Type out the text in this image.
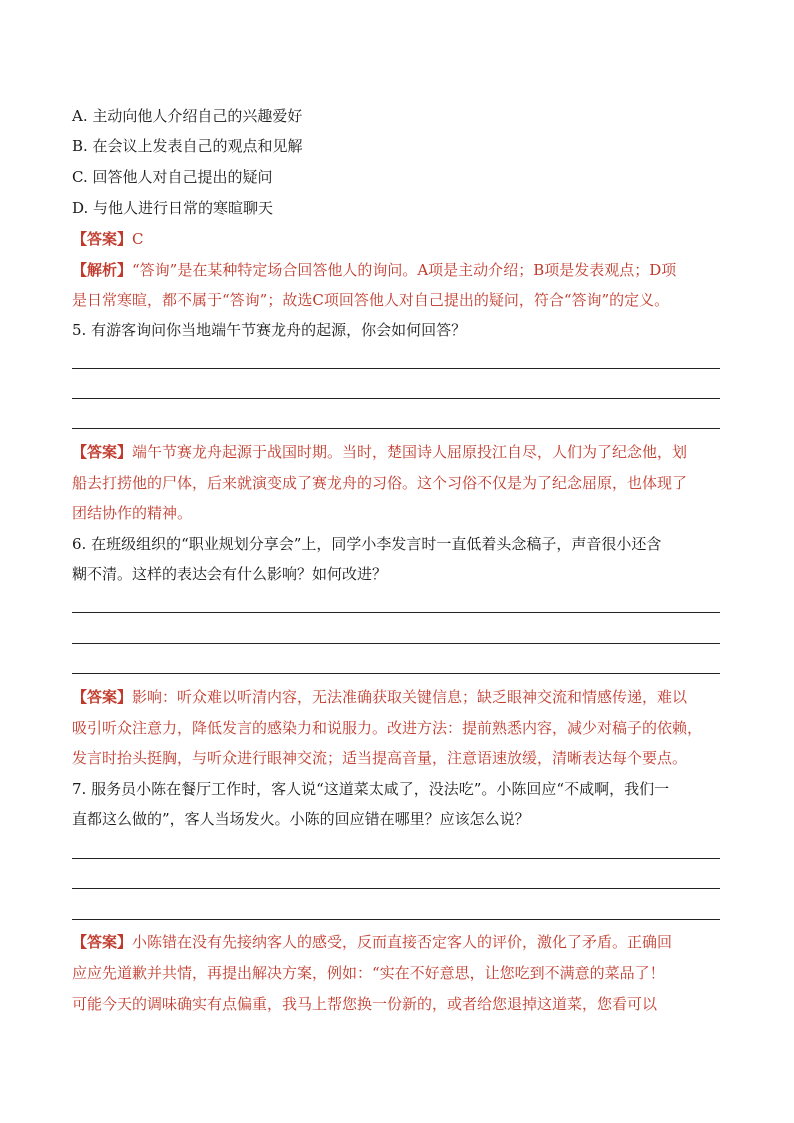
A. 主动向他人介绍自己的兴趣爱好
B. 在会议上发表自己的观点和见解
C. 回答他人对自己提出的疑问
D. 与他人进行日常的寒暄聊天
【答案】C
【解析】“答询”是在某种特定场合回答他人的询问。A项是主动介绍；B项是发表观点；D项
是日常寒暄，都不属于“答询”；故选C项回答他人对自己提出的疑问，符合“答询”的定义。
5. 有游客询问你当地端午节赛龙舟的起源，你会如何回答？
【答案】端午节赛龙舟起源于战国时期。当时，楚国诗人屈原投江自尽，人们为了纪念他，划
船去打捞他的尸体，后来就演变成了赛龙舟的习俗。这个习俗不仅是为了纪念屈原，也体现了
团结协作的精神。
6. 在班级组织的“职业规划分享会”上，同学小李发言时一直低着头念稿子，声音很小还含
糊不清。这样的表达会有什么影响？如何改进？
【答案】影响：听众难以听清内容，无法准确获取关键信息；缺乏眼神交流和情感传递，难以
吸引听众注意力，降低发言的感染力和说服力。改进方法：提前熟悉内容，减少对稿子的依赖，
发言时抬头挺胸，与听众进行眼神交流；适当提高音量，注意语速放缓，清晰表达每个要点。
7. 服务员小陈在餐厅工作时，客人说“这道菜太咸了，没法吃”。小陈回应“不咸啊，我们一
直都这么做的”，客人当场发火。小陈的回应错在哪里？应该怎么说？
【答案】小陈错在没有先接纳客人的感受，反而直接否定客人的评价，激化了矛盾。正确回
应应先道歉并共情，再提出解决方案，例如：“实在不好意思，让您吃到不满意的菜品了！
可能今天的调味确实有点偏重，我马上帮您换一份新的，或者给您退掉这道菜，您看可以
